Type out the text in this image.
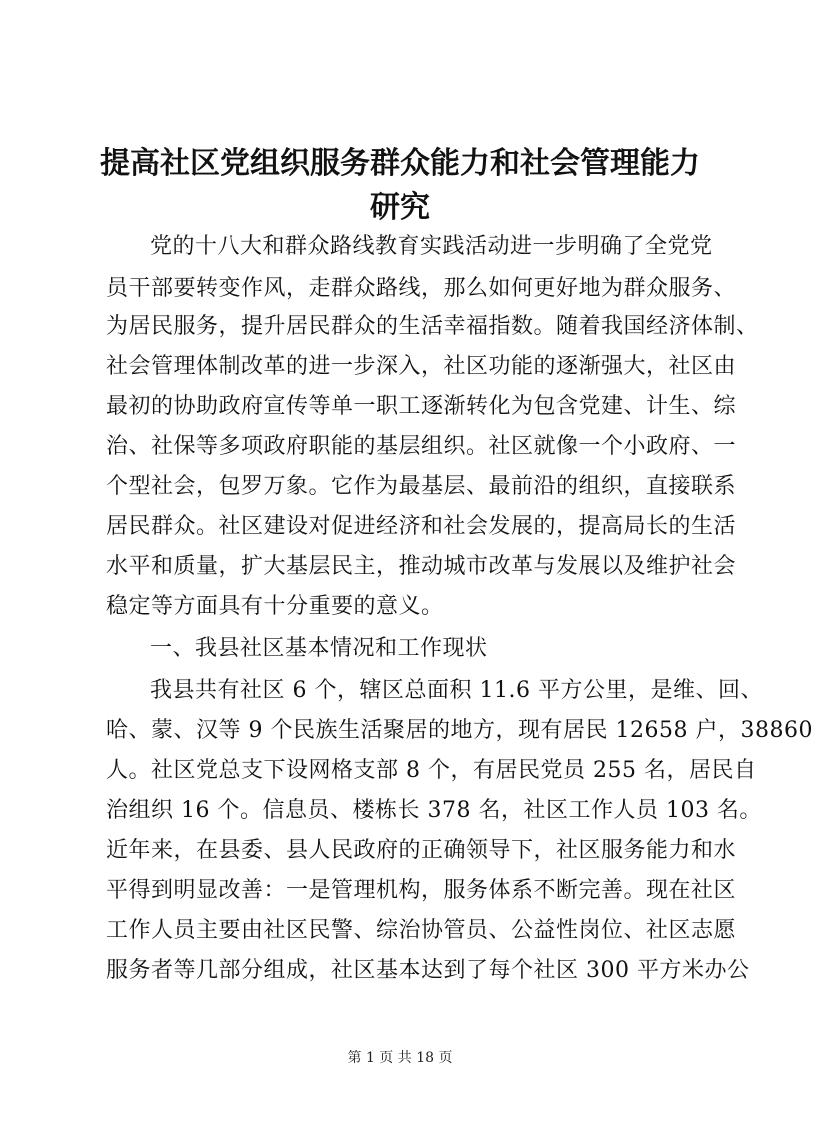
提高社区党组织服务群众能力和社会管理能力
研究
党的十八大和群众路线教育实践活动进一步明确了全党党
员干部要转变作风，走群众路线，那么如何更好地为群众服务、
为居民服务，提升居民群众的生活幸福指数。随着我国经济体制、
社会管理体制改革的进一步深入，社区功能的逐渐强大，社区由
最初的协助政府宣传等单一职工逐渐转化为包含党建、计生、综
治、社保等多项政府职能的基层组织。社区就像一个小政府、一
个型社会，包罗万象。它作为最基层、最前沿的组织，直接联系
居民群众。社区建设对促进经济和社会发展的，提高局长的生活
水平和质量，扩大基层民主，推动城市改革与发展以及维护社会
稳定等方面具有十分重要的意义。
一、我县社区基本情况和工作现状
我县共有社区 6 个，辖区总面积 11.6 平方公里，是维、回、
哈、蒙、汉等 9 个民族生活聚居的地方，现有居民 12658 户，38860
人。社区党总支下设网格支部 8 个，有居民党员 255 名，居民自
治组织 16 个。信息员、楼栋长 378 名，社区工作人员 103 名。
近年来，在县委、县人民政府的正确领导下，社区服务能力和水
平得到明显改善：一是管理机构，服务体系不断完善。现在社区
工作人员主要由社区民警、综治协管员、公益性岗位、社区志愿
服务者等几部分组成，社区基本达到了每个社区 300 平方米办公
第 1 页 共 18 页
